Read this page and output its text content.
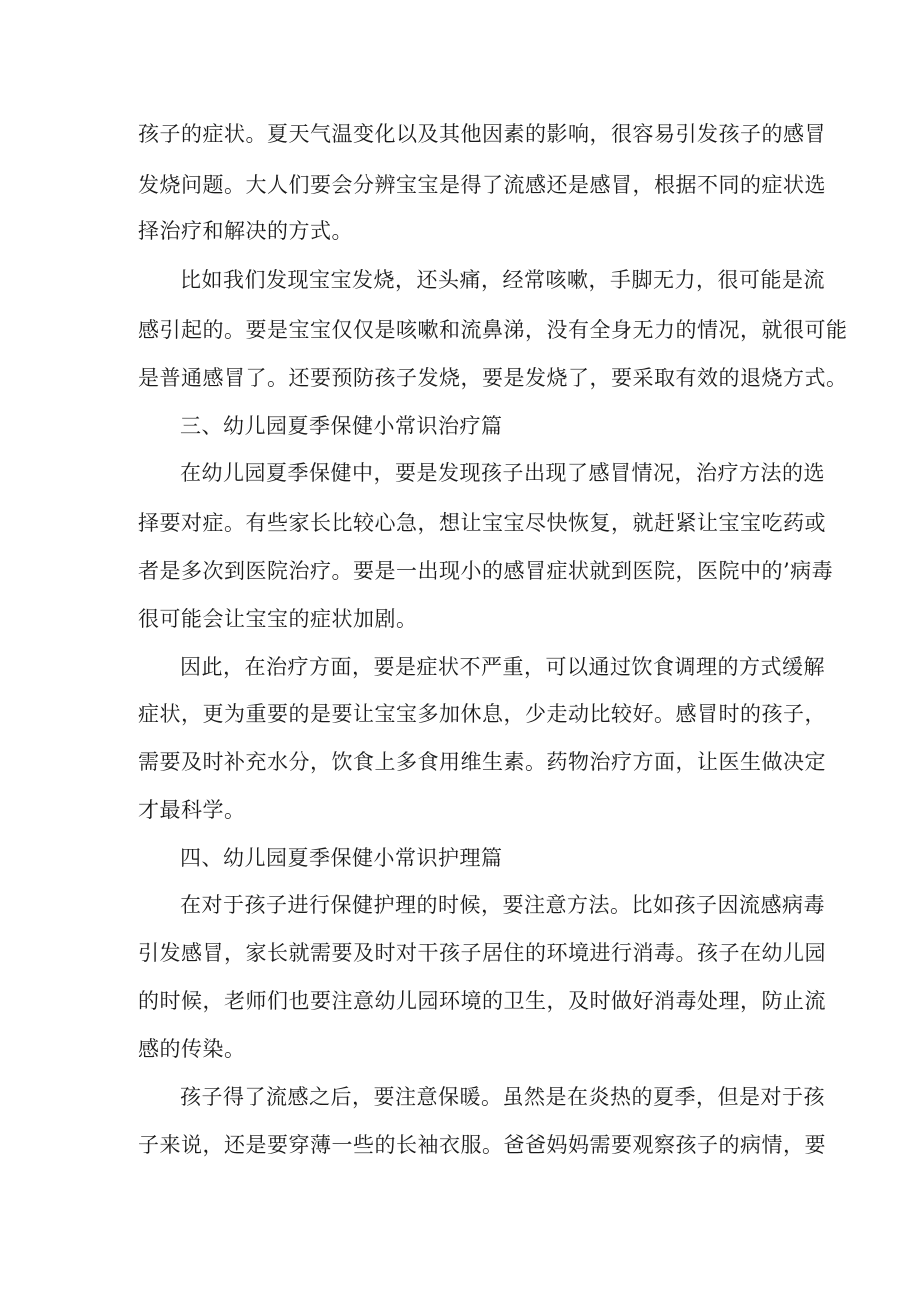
孩子的症状。夏天气温变化以及其他因素的影响，很容易引发孩子的感冒
发烧问题。大人们要会分辨宝宝是得了流感还是感冒，根据不同的症状选
择治疗和解决的方式。
比如我们发现宝宝发烧，还头痛，经常咳嗽，手脚无力，很可能是流
感引起的。要是宝宝仅仅是咳嗽和流鼻涕，没有全身无力的情况，就很可能
是普通感冒了。还要预防孩子发烧，要是发烧了，要采取有效的退烧方式。
三、幼儿园夏季保健小常识治疗篇
在幼儿园夏季保健中，要是发现孩子出现了感冒情况，治疗方法的选
择要对症。有些家长比较心急，想让宝宝尽快恢复，就赶紧让宝宝吃药或
者是多次到医院治疗。要是一出现小的感冒症状就到医院，医院中的’病毒
很可能会让宝宝的症状加剧。
因此，在治疗方面，要是症状不严重，可以通过饮食调理的方式缓解
症状，更为重要的是要让宝宝多加休息，少走动比较好。感冒时的孩子，
需要及时补充水分，饮食上多食用维生素。药物治疗方面，让医生做决定
才最科学。
四、幼儿园夏季保健小常识护理篇
在对于孩子进行保健护理的时候，要注意方法。比如孩子因流感病毒
引发感冒，家长就需要及时对干孩子居住的环境进行消毒。孩子在幼儿园
的时候，老师们也要注意幼儿园环境的卫生，及时做好消毒处理，防止流
感的传染。
孩子得了流感之后，要注意保暖。虽然是在炎热的夏季，但是对于孩
子来说，还是要穿薄一些的长袖衣服。爸爸妈妈需要观察孩子的病情，要
